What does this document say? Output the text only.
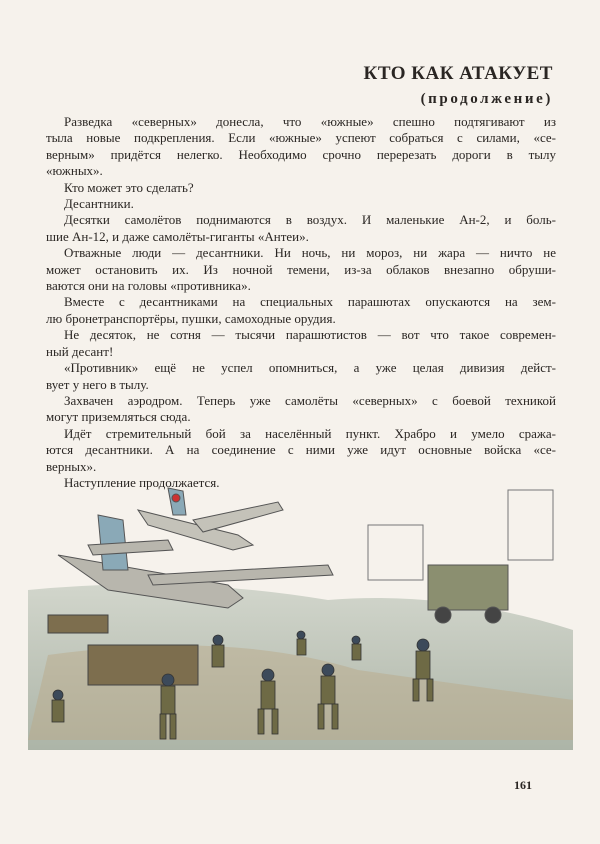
КТО КАК АТАКУЕТ
(продолжение)
Разведка «северных» донесла, что «южные» спешно подтягивают из
тыла новые подкрепления. Если «южные» успеют собраться с силами, «се-
верным» придётся нелегко. Необходимо срочно перерезать дороги в тылу
«южных».
Кто может это сделать?
Десантники.
Десятки самолётов поднимаются в воздух. И маленькие Ан-2, и боль-
шие Ан-12, и даже самолёты-гиганты «Антеи».
Отважные люди — десантники. Ни ночь, ни мороз, ни жара — ничто не
может остановить их. Из ночной темени, из-за облаков внезапно обруши-
ваются они на головы «противника».
Вместе с десантниками на специальных парашютах опускаются на зем-
лю бронетранспортёры, пушки, самоходные орудия.
Не десяток, не сотня — тысячи парашютистов — вот что такое современ-
ный десант!
«Противник» ещё не успел опомниться, а уже целая дивизия дейст-
вует у него в тылу.
Захвачен аэродром. Теперь уже самолёты «северных» с боевой техникой
могут приземляться сюда.
Идёт стремительный бой за населённый пункт. Храбро и умело сража-
ются десантники. А на соединение с ними уже идут основные войска «се-
верных».
Наступление продолжается.
161
